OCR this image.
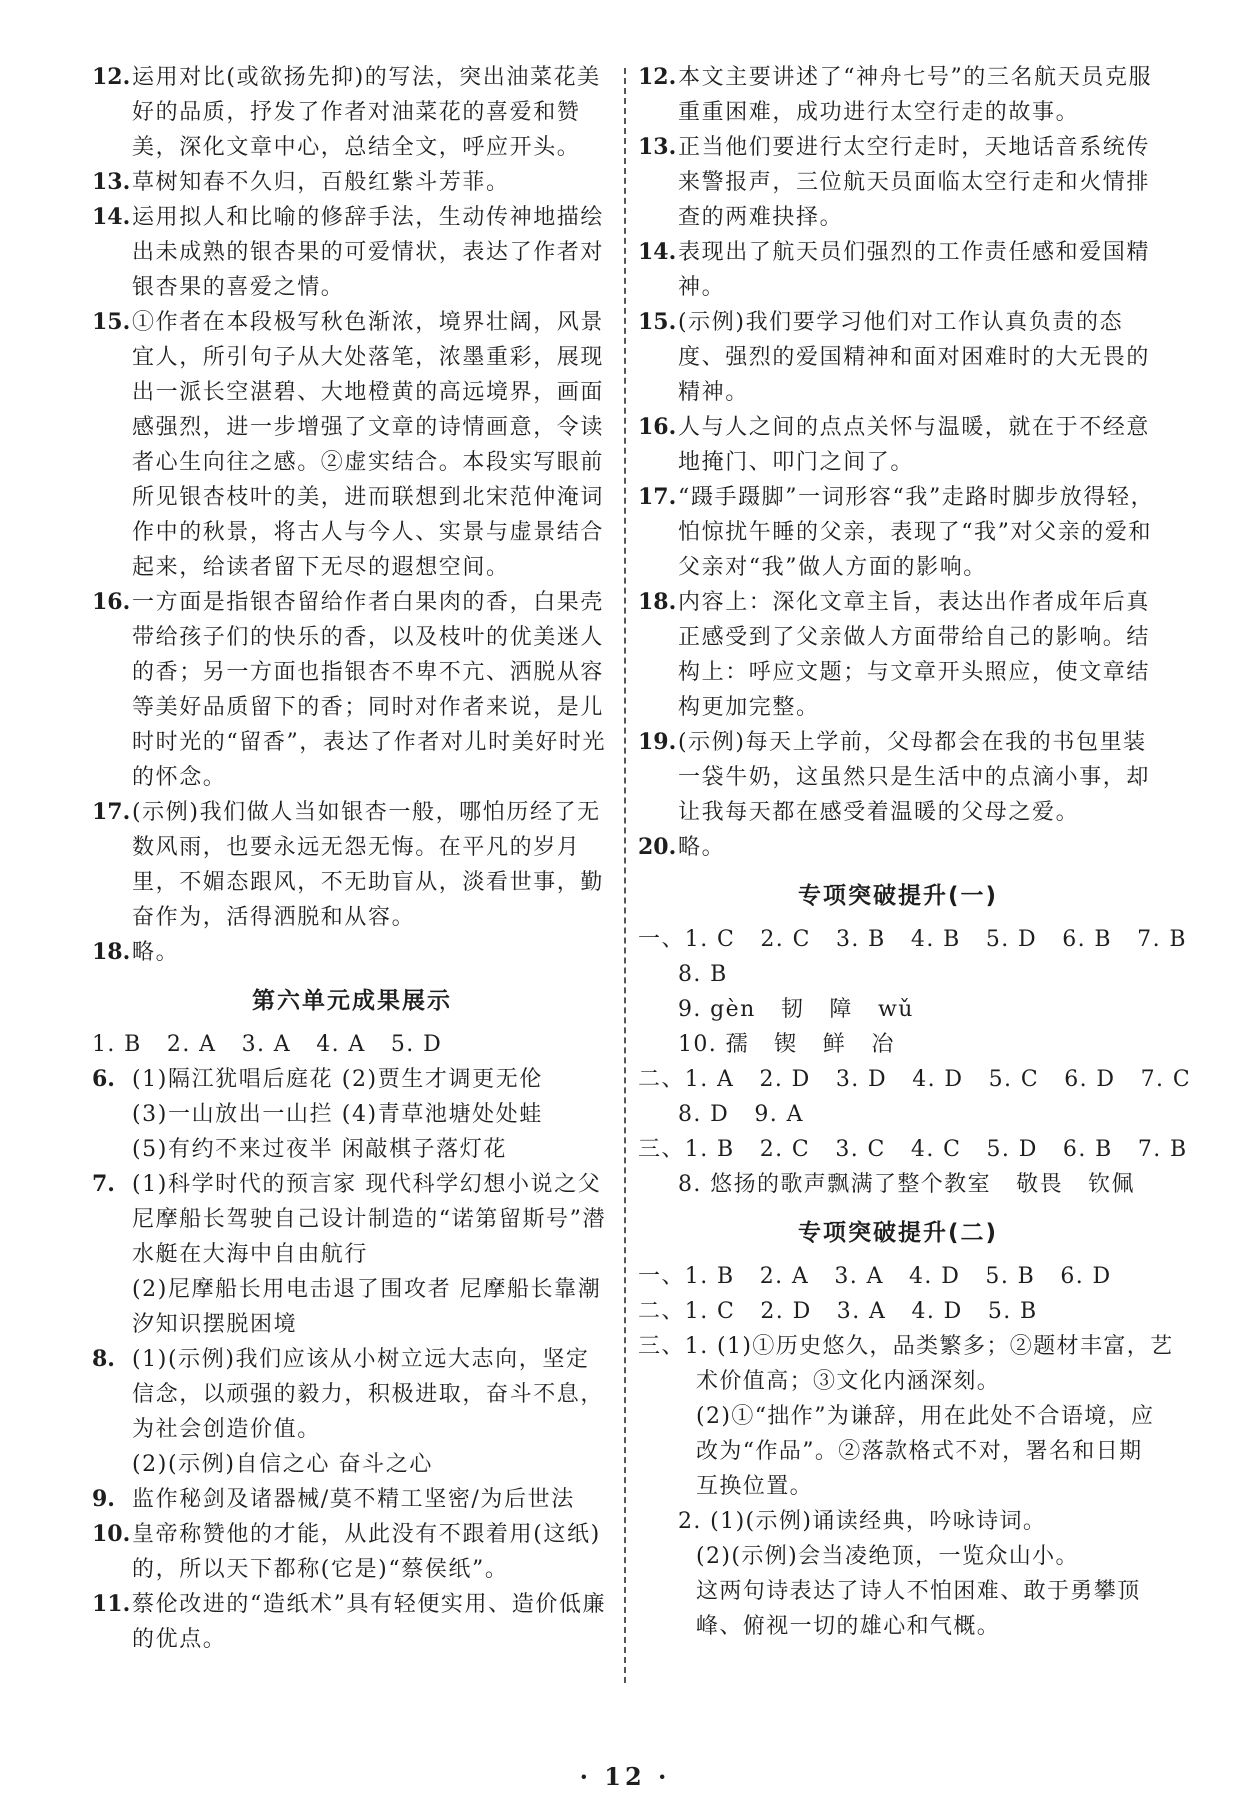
12. 运用对比(或欲扬先抑)的写法，突出油菜花美好的品质，抒发了作者对油菜花的喜爱和赞美，深化文章中心，总结全文，呼应开头。

13. 草树知春不久归，百般红紫斗芳菲。

14. 运用拟人和比喻的修辞手法，生动传神地描绘出未成熟的银杏果的可爱情状，表达了作者对银杏果的喜爱之情。

15. ①作者在本段极写秋色渐浓，境界壮阔，风景宜人，所引句子从大处落笔，浓墨重彩，展现出一派长空湛碧、大地橙黄的高远境界，画面感强烈，进一步增强了文章的诗情画意，令读者心生向往之感。②虚实结合。本段实写眼前所见银杏枝叶的美，进而联想到北宋范仲淹词作中的秋景，将古人与今人、实景与虚景结合起来，给读者留下无尽的遐想空间。

16. 一方面是指银杏留给作者白果肉的香，白果壳带给孩子们的快乐的香，以及枝叶的优美迷人的香；另一方面也指银杏不卑不亢、洒脱从容等美好品质留下的香；同时对作者来说，是儿时时光的“留香”，表达了作者对儿时美好时光的怀念。

17. (示例)我们做人当如银杏一般，哪怕历经了无数风雨，也要永远无怨无悔。在平凡的岁月里，不媚态跟风，不无助盲从，淡看世事，勤奋作为，活得洒脱和从容。

18. 略。

第六单元成果展示

1. B   2. A   3. A   4. A   5. D

6. (1)隔江犹唱后庭花 (2)贾生才调更无伦

(3)一山放出一山拦 (4)青草池塘处处蛙

(5)有约不来过夜半 闲敲棋子落灯花

7. (1)科学时代的预言家 现代科学幻想小说之父 尼摩船长驾驶自己设计制造的“诺第留斯号”潜水艇在大海中自由航行

(2)尼摩船长用电击退了围攻者 尼摩船长靠潮汐知识摆脱困境

8. (1)(示例)我们应该从小树立远大志向，坚定信念，以顽强的毅力，积极进取，奋斗不息，为社会创造价值。

(2)(示例)自信之心 奋斗之心

9. 监作秘剑及诸器械/莫不精工坚密/为后世法

10. 皇帝称赞他的才能，从此没有不跟着用(这纸)的，所以天下都称(它是)“蔡侯纸”。

11. 蔡伦改进的“造纸术”具有轻便实用、造价低廉的优点。

12. 本文主要讲述了“神舟七号”的三名航天员克服重重困难，成功进行太空行走的故事。

13. 正当他们要进行太空行走时，天地话音系统传来警报声，三位航天员面临太空行走和火情排查的两难抉择。

14. 表现出了航天员们强烈的工作责任感和爱国精神。

15. (示例)我们要学习他们对工作认真负责的态度、强烈的爱国精神和面对困难时的大无畏的精神。

16. 人与人之间的点点关怀与温暖，就在于不经意地掩门、叩门之间了。

17. “蹑手蹑脚”一词形容“我”走路时脚步放得轻，怕惊扰午睡的父亲，表现了“我”对父亲的爱和父亲对“我”做人方面的影响。

18. 内容上：深化文章主旨，表达出作者成年后真正感受到了父亲做人方面带给自己的影响。结构上：呼应文题；与文章开头照应，使文章结构更加完整。

19. (示例)每天上学前，父母都会在我的书包里装一袋牛奶，这虽然只是生活中的点滴小事，却让我每天都在感受着温暖的父母之爱。

20. 略。

专项突破提升(一)

一、1. C   2. C   3. B   4. B   5. D   6. B   7. B

8. B

9. gèn   韧   障   wǔ

10. 孺   锲   鲜   冶

二、1. A   2. D   3. D   4. D   5. C   6. D   7. C

8. D   9. A

三、1. B   2. C   3. C   4. C   5. D   6. B   7. B

8. 悠扬的歌声飘满了整个教室   敬畏   钦佩

专项突破提升(二)

一、1. B   2. A   3. A   4. D   5. B   6. D

二、1. C   2. D   3. A   4. D   5. B

三、1. (1)①历史悠久，品类繁多；②题材丰富，艺

术价值高；③文化内涵深刻。

(2)①“拙作”为谦辞，用在此处不合语境，应

改为“作品”。②落款格式不对，署名和日期

互换位置。

2. (1)(示例)诵读经典，吟咏诗词。

(2)(示例)会当凌绝顶，一览众山小。

这两句诗表达了诗人不怕困难、敢于勇攀顶

峰、俯视一切的雄心和气概。

· 12 ·
